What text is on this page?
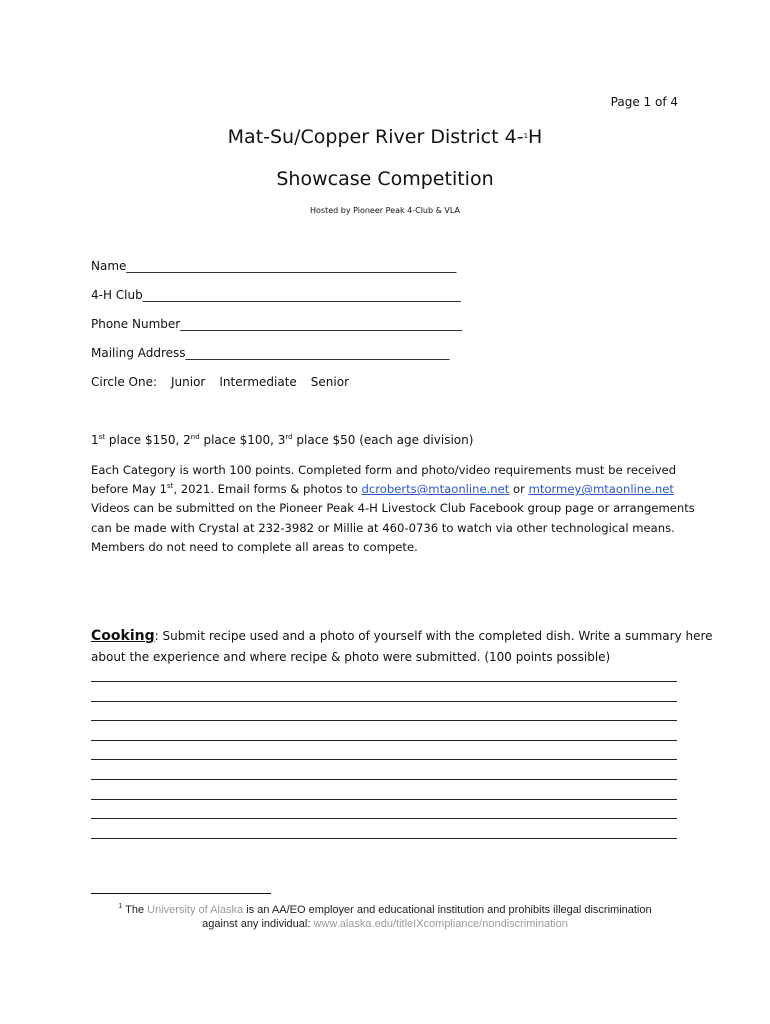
Page 1 of 4
Mat-Su/Copper River District 4-$^1$H
Showcase Competition
Hosted by Pioneer Peak 4-Club & VLA
Name_______________________________________________________
4-H Club_____________________________________________________
Phone Number_______________________________________________
Mailing Address____________________________________________
Circle One: Junior Intermediate Senior
1st place $150, 2nd place $100, 3rd place $50 (each age division)
Each Category is worth 100 points. Completed form and photo/video requirements must be received
before May 1st, 2021. Email forms & photos to dcroberts@mtaonline.net or mtormey@mtaonline.net
Videos can be submitted on the Pioneer Peak 4-H Livestock Club Facebook group page or arrangements
can be made with Crystal at 232-3982 or Millie at 460-0736 to watch via other technological means.
Members do not need to complete all areas to compete.
Cooking: Submit recipe used and a photo of yourself with the completed dish. Write a summary here
about the experience and where recipe & photo were submitted. (100 points possible)
$^1$ The University of Alaska is an AA/EO employer and educational institution and prohibits illegal discrimination
against any individual: www.alaska.edu/titleIXcompliance/nondiscrimination
